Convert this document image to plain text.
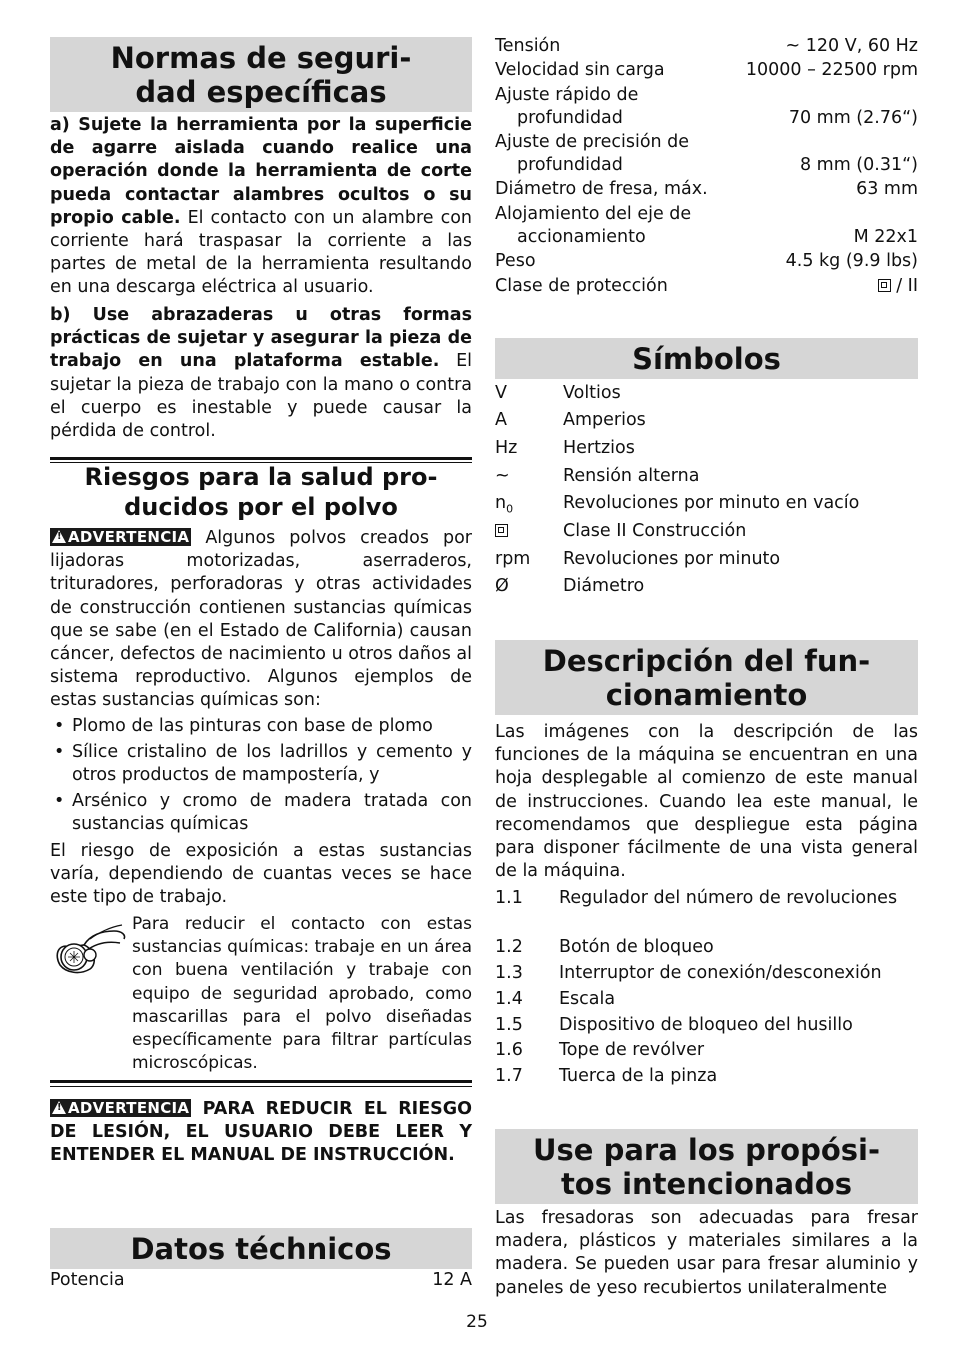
Normas de seguri-
dad específicas
a) Sujete la herramienta por la superficie de agarre aislada cuando realice una operación donde la herramienta de corte pueda contactar alambres ocultos o su propio cable. El contacto con un alambre con corriente hará traspasar la corriente a las partes de metal de la herramienta resultando en una descarga eléctrica al usuario.
b) Use abrazaderas u otras formas prácticas de sujetar y asegurar la pieza de trabajo en una plataforma estable. El sujetar la pieza de trabajo con la mano o contra el cuerpo es inestable y puede causar la pérdida de control.
Riesgos para la salud pro-
ducidos por el polvo
!ADVERTENCIA Algunos polvos creados por lijadoras motorizadas, aserraderos, trituradores, perforadoras y otras actividades de construcción contienen sustancias químicas que se sabe (en el Estado de California) causan cáncer, defectos de nacimiento u otros daños al sistema reproductivo. Algunos ejemplos de estas sustancias químicas son:
• Plomo de las pinturas con base de plomo
• Sílice cristalino de los ladrillos y cemento y otros productos de mampostería, y
• Arsénico y cromo de madera tratada con sustancias químicas
El riesgo de exposición a estas sustancias varía, dependiendo de cuantas veces se hace este tipo de trabajo.
Para reducir el contacto con estas sustancias químicas: trabaje en un área con buena ventilación y trabaje con equipo de seguridad aprobado, como mascarillas para el polvo diseñadas específicamente para filtrar partículas microscópicas.
!ADVERTENCIA PARA REDUCIR EL RIESGO DE LESIÓN, EL USUARIO DEBE LEER Y ENTENDER EL MANUAL DE INSTRUCCIÓN.
Datos téchnicos
Potencia	12 A
Tensión	~ 120 V, 60 Hz
Velocidad sin carga	10000 – 22500 rpm
Ajuste rápido de
profundidad	70 mm (2.76“)
Ajuste de precisión de
profundidad	8 mm (0.31“)
Diámetro de fresa, máx.	63 mm
Alojamiento del eje de
accionamiento	M 22x1
Peso	4.5 kg (9.9 lbs)
Clase de protección	/ II
Símbolos
V	Voltios
A	Amperios
Hz	Hertzios
~	Rensión alterna
$n_0$	Revoluciones por minuto en vacío
Clase II Construcción
rpm Revoluciones por minuto
Ø	Diámetro
Descripción del fun-
cionamiento
Las imágenes con la descripción de las funciones de la máquina se encuentran en una hoja desplegable al comienzo de este manual de instrucciones. Cuando lea este manual, le recomendamos que despliegue esta página para disponer fácilmente de una vista general de la máquina.
1.1 Regulador del número de revoluciones
1.2 Botón de bloqueo
1.3 Interruptor de conexión/desconexión
1.4 Escala
1.5 Dispositivo de bloqueo del husillo
1.6 Tope de revólver
1.7 Tuerca de la pinza
Use para los propósi-
tos intencionados
Las fresadoras son adecuadas para fresar madera, plásticos y materiales similares a la madera. Se pueden usar para fresar aluminio y paneles de yeso recubiertos unilateralmente
25
